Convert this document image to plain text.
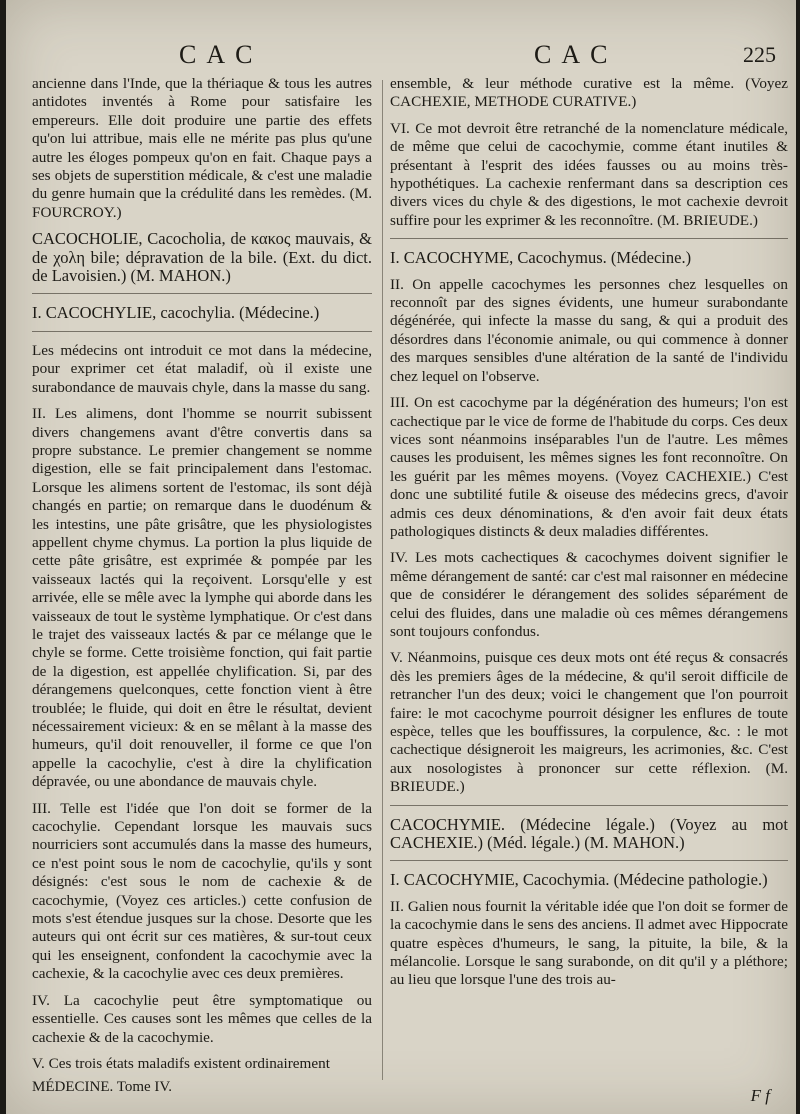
CAC	CAC	225

ancienne dans l'Inde, que la thériaque & tous les autres antidotes inventés à Rome pour satisfaire les empereurs. Elle doit produire une partie des effets qu'on lui attribue, mais elle ne mérite pas plus qu'une autre les éloges pompeux qu'on en fait. Chaque pays a ses objets de superstition médicale, & c'est une maladie du genre humain que la crédulité dans les remèdes. (M. FOURCROY.)

CACOCHOLIE, Cacocholia, de κακος mauvais, & de χολη bile; dépravation de la bile. (Ext. du dict. de Lavoisien.) (M. MAHON.)

I. CACOCHYLIE, cacochylia. (Médecine.)

Les médecins ont introduit ce mot dans la médecine, pour exprimer cet état maladif, où il existe une surabondance de mauvais chyle, dans la masse du sang.

II. Les alimens, dont l'homme se nourrit subissent divers changemens avant d'être convertis dans sa propre substance. Le premier changement se nomme digestion, elle se fait principalement dans l'estomac. Lorsque les alimens sortent de l'estomac, ils sont déjà changés en partie; on remarque dans le duodénum & les intestins, une pâte grisâtre, que les physiologistes appellent chyme chymus. La portion la plus liquide de cette pâte grisâtre, est exprimée & pompée par les vaisseaux lactés qui la reçoivent. Lorsqu'elle y est arrivée, elle se mêle avec la lymphe qui aborde dans les vaisseaux de tout le système lymphatique. Or c'est dans le trajet des vaisseaux lactés & par ce mélange que le chyle se forme. Cette troisième fonction, qui fait partie de la digestion, est appellée chylification. Si, par des dérangemens quelconques, cette fonction vient à être troublée; le fluide, qui doit en être le résultat, devient nécessairement vicieux: & en se mêlant à la masse des humeurs, qu'il doit renouveller, il forme ce que l'on appelle la cacochylie, c'est à dire la chylification dépravée, ou une abondance de mauvais chyle.

III. Telle est l'idée que l'on doit se former de la cacochylie. Cependant lorsque les mauvais sucs nourriciers sont accumulés dans la masse des humeurs, ce n'est point sous le nom de cacochylie, qu'ils y sont désignés: c'est sous le nom de cachexie & de cacochymie, (Voyez ces articles.) cette confusion de mots s'est étendue jusques sur la chose. Desorte que les auteurs qui ont écrit sur ces matières, & sur-tout ceux qui les enseignent, confondent la cacochymie avec la cachexie, & la cacochylie avec ces deux premières.

IV. La cacochylie peut être symptomatique ou essentielle. Ces causes sont les mêmes que celles de la cachexie & de la cacochymie.

V. Ces trois états maladifs existent ordinairement

ensemble, & leur méthode curative est la même. (Voyez CACHEXIE, METHODE CURATIVE.)

VI. Ce mot devroit être retranché de la nomenclature médicale, de même que celui de cacochymie, comme étant inutiles & présentant à l'esprit des idées fausses ou au moins très-hypothétiques. La cachexie renfermant dans sa description ces divers vices du chyle & des digestions, le mot cachexie devroit suffire pour les exprimer & les reconnoître. (M. BRIEUDE.)

I. CACOCHYME, Cacochymus. (Médecine.)

II. On appelle cacochymes les personnes chez lesquelles on reconnoît par des signes évidents, une humeur surabondante dégénérée, qui infecte la masse du sang, & qui a produit des désordres dans l'économie animale, ou qui commence à donner des marques sensibles d'une altération de la santé de l'individu chez lequel on l'observe.

III. On est cacochyme par la dégénération des humeurs; l'on est cachectique par le vice de forme de l'habitude du corps. Ces deux vices sont néanmoins inséparables l'un de l'autre. Les mêmes causes les produisent, les mêmes signes les font reconnoître. On les guérit par les mêmes moyens. (Voyez CACHEXIE.) C'est donc une subtilité futile & oiseuse des médecins grecs, d'avoir admis ces deux dénominations, & d'en avoir fait deux états pathologiques distincts & deux maladies différentes.

IV. Les mots cachectiques & cacochymes doivent signifier le même dérangement de santé: car c'est mal raisonner en médecine que de considérer le dérangement des solides séparément de celui des fluides, dans une maladie où ces mêmes dérangemens sont toujours confondus.

V. Néanmoins, puisque ces deux mots ont été reçus & consacrés dès les premiers âges de la médecine, & qu'il seroit difficile de retrancher l'un des deux; voici le changement que l'on pourroit faire: le mot cacochyme pourroit désigner les enflures de toute espèce, telles que les bouffissures, la corpulence, &c. : le mot cachectique désigneroit les maigreurs, les acrimonies, &c. C'est aux nosologistes à prononcer sur cette réflexion. (M. BRIEUDE.)

CACOCHYMIE. (Médecine légale.) (Voyez au mot CACHEXIE.) (Méd. légale.) (M. MAHON.)

I. CACOCHYMIE, Cacochymia. (Médecine pathologie.)

II. Galien nous fournit la véritable idée que l'on doit se former de la cacochymie dans le sens des anciens. Il admet avec Hippocrate quatre espèces d'humeurs, le sang, la pituite, la bile, & la mélancolie. Lorsque le sang surabonde, on dit qu'il y a pléthore; au lieu que lorsque l'une des trois au-

MÉDECINE. Tome IV.	F f
